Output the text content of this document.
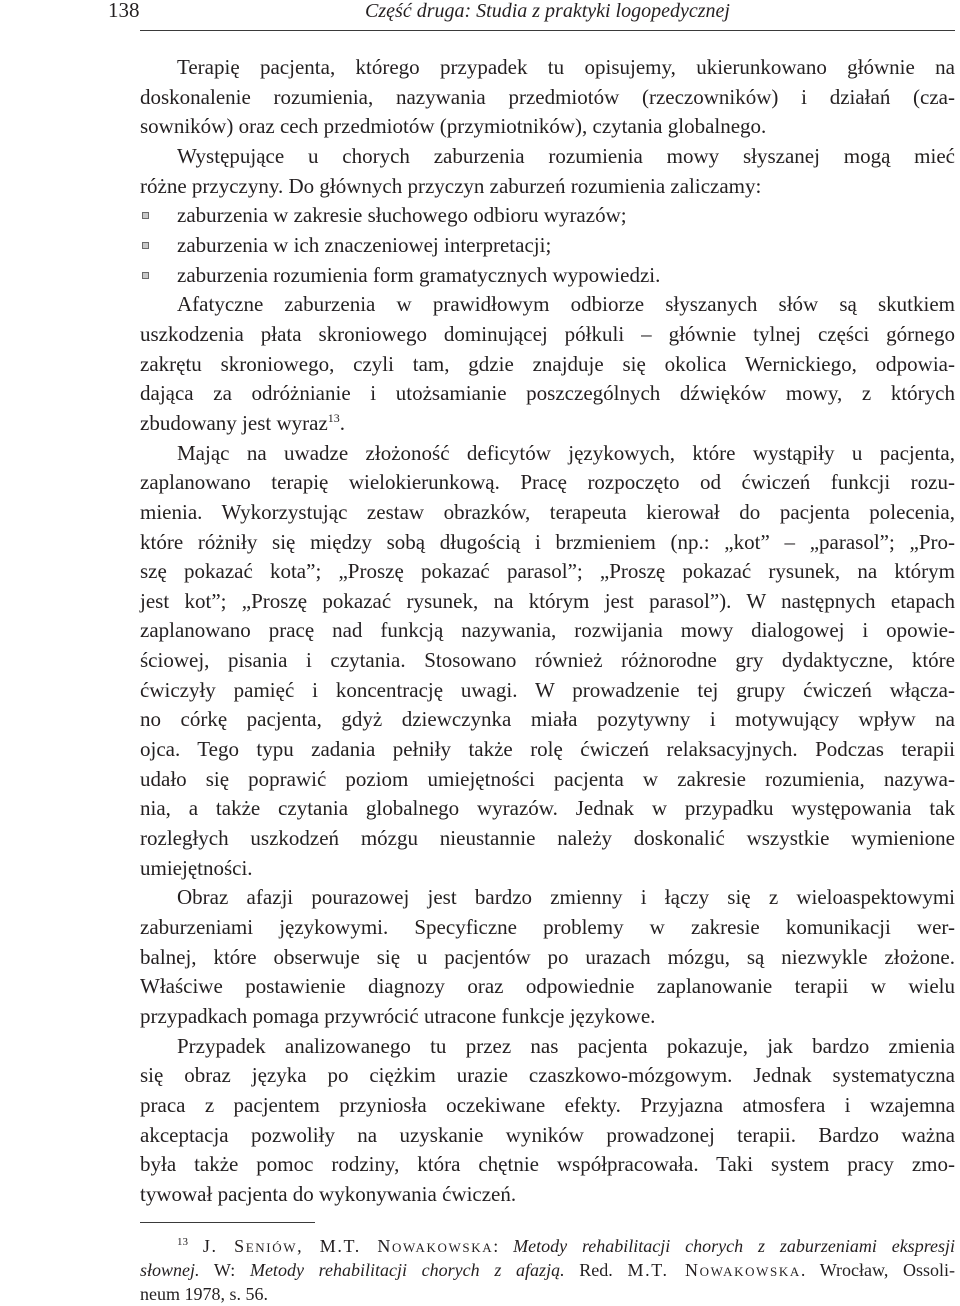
138	Część druga: Studia z praktyki logopedycznej
Terapię pacjenta, którego przypadek tu opisujemy, ukierunkowano głównie na
doskonalenie rozumienia, nazywania przedmiotów (rzeczowników) i działań (cza-
sowników) oraz cech przedmiotów (przymiotników), czytania globalnego.
Występujące u chorych zaburzenia rozumienia mowy słyszanej mogą mieć
różne przyczyny. Do głównych przyczyn zaburzeń rozumienia zaliczamy:
zaburzenia w zakresie słuchowego odbioru wyrazów;
zaburzenia w ich znaczeniowej interpretacji;
zaburzenia rozumienia form gramatycznych wypowiedzi.
Afatyczne zaburzenia w prawidłowym odbiorze słyszanych słów są skutkiem
uszkodzenia płata skroniowego dominującej półkuli – głównie tylnej części górnego
zakrętu skroniowego, czyli tam, gdzie znajduje się okolica Wernickiego, odpowia-
dająca za odróżnianie i utożsamianie poszczególnych dźwięków mowy, z których
zbudowany jest wyraz$^{13}$.
Mając na uwadze złożoność deficytów językowych, które wystąpiły u pacjenta,
zaplanowano terapię wielokierunkową. Pracę rozpoczęto od ćwiczeń funkcji rozu-
mienia. Wykorzystując zestaw obrazków, terapeuta kierował do pacjenta polecenia,
które różniły się między sobą długością i brzmieniem (np.: „kot” – „parasol”; „Pro-
szę pokazać kota”; „Proszę pokazać parasol”; „Proszę pokazać rysunek, na którym
jest kot”; „Proszę pokazać rysunek, na którym jest parasol”). W następnych etapach
zaplanowano pracę nad funkcją nazywania, rozwijania mowy dialogowej i opowie-
ściowej, pisania i czytania. Stosowano również różnorodne gry dydaktyczne, które
ćwiczyły pamięć i koncentrację uwagi. W prowadzenie tej grupy ćwiczeń włącza-
no córkę pacjenta, gdyż dziewczynka miała pozytywny i motywujący wpływ na
ojca. Tego typu zadania pełniły także rolę ćwiczeń relaksacyjnych. Podczas terapii
udało się poprawić poziom umiejętności pacjenta w zakresie rozumienia, nazywa-
nia, a także czytania globalnego wyrazów. Jednak w przypadku występowania tak
rozległych uszkodzeń mózgu nieustannie należy doskonalić wszystkie wymienione
umiejętności.
Obraz afazji pourazowej jest bardzo zmienny i łączy się z wieloaspektowymi
zaburzeniami językowymi. Specyficzne problemy w zakresie komunikacji wer-
balnej, które obserwuje się u pacjentów po urazach mózgu, są niezwykle złożone.
Właściwe postawienie diagnozy oraz odpowiednie zaplanowanie terapii w wielu
przypadkach pomaga przywrócić utracone funkcje językowe.
Przypadek analizowanego tu przez nas pacjenta pokazuje, jak bardzo zmienia
się obraz języka po ciężkim urazie czaszkowo-mózgowym. Jednak systematyczna
praca z pacjentem przyniosła oczekiwane efekty. Przyjazna atmosfera i wzajemna
akceptacja pozwoliły na uzyskanie wyników prowadzonej terapii. Bardzo ważna
była także pomoc rodziny, która chętnie współpracowała. Taki system pracy zmo-
tywował pacjenta do wykonywania ćwiczeń.
$^{13}$ J. Seniów, M.T. Nowakowska: Metody rehabilitacji chorych z zaburzeniami ekspresji
słownej. W: Metody rehabilitacji chorych z afazją. Red. M.T. Nowakowska. Wrocław, Ossoli-
neum 1978, s. 56.
